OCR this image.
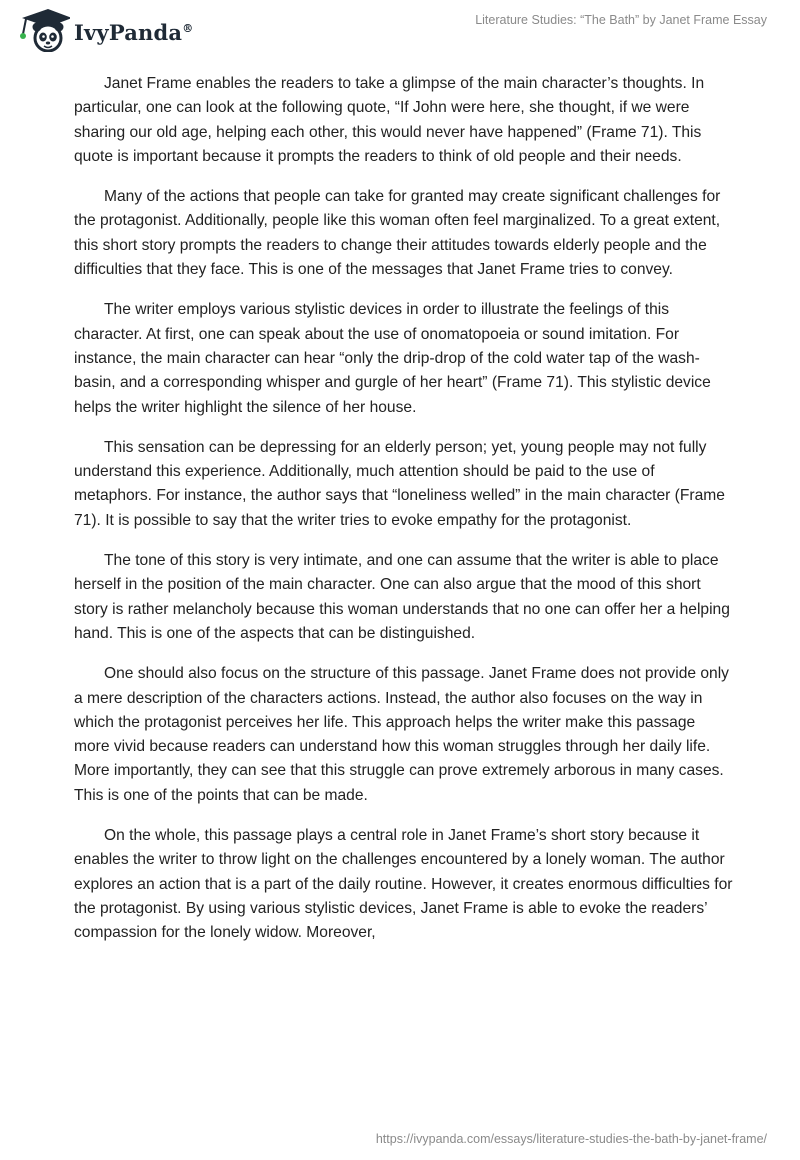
IvyPanda®
Literature Studies: “The Bath” by Janet Frame Essay

Janet Frame enables the readers to take a glimpse of the main character’s thoughts. In particular, one can look at the following quote, “If John were here, she thought, if we were sharing our old age, helping each other, this would never have happened” (Frame 71). This quote is important because it prompts the readers to think of old people and their needs.

Many of the actions that people can take for granted may create significant challenges for the protagonist. Additionally, people like this woman often feel marginalized. To a great extent, this short story prompts the readers to change their attitudes towards elderly people and the difficulties that they face. This is one of the messages that Janet Frame tries to convey.

The writer employs various stylistic devices in order to illustrate the feelings of this character. At first, one can speak about the use of onomatopoeia or sound imitation. For instance, the main character can hear “only the drip-drop of the cold water tap of the wash-basin, and a corresponding whisper and gurgle of her heart” (Frame 71). This stylistic device helps the writer highlight the silence of her house.

This sensation can be depressing for an elderly person; yet, young people may not fully understand this experience. Additionally, much attention should be paid to the use of metaphors. For instance, the author says that “loneliness welled” in the main character (Frame 71). It is possible to say that the writer tries to evoke empathy for the protagonist.

The tone of this story is very intimate, and one can assume that the writer is able to place herself in the position of the main character. One can also argue that the mood of this short story is rather melancholy because this woman understands that no one can offer her a helping hand. This is one of the aspects that can be distinguished.

One should also focus on the structure of this passage. Janet Frame does not provide only a mere description of the characters actions. Instead, the author also focuses on the way in which the protagonist perceives her life. This approach helps the writer make this passage more vivid because readers can understand how this woman struggles through her daily life. More importantly, they can see that this struggle can prove extremely arborous in many cases. This is one of the points that can be made.

On the whole, this passage plays a central role in Janet Frame’s short story because it enables the writer to throw light on the challenges encountered by a lonely woman. The author explores an action that is a part of the daily routine. However, it creates enormous difficulties for the protagonist. By using various stylistic devices, Janet Frame is able to evoke the readers’ compassion for the lonely widow. Moreover,

https://ivypanda.com/essays/literature-studies-the-bath-by-janet-frame/
